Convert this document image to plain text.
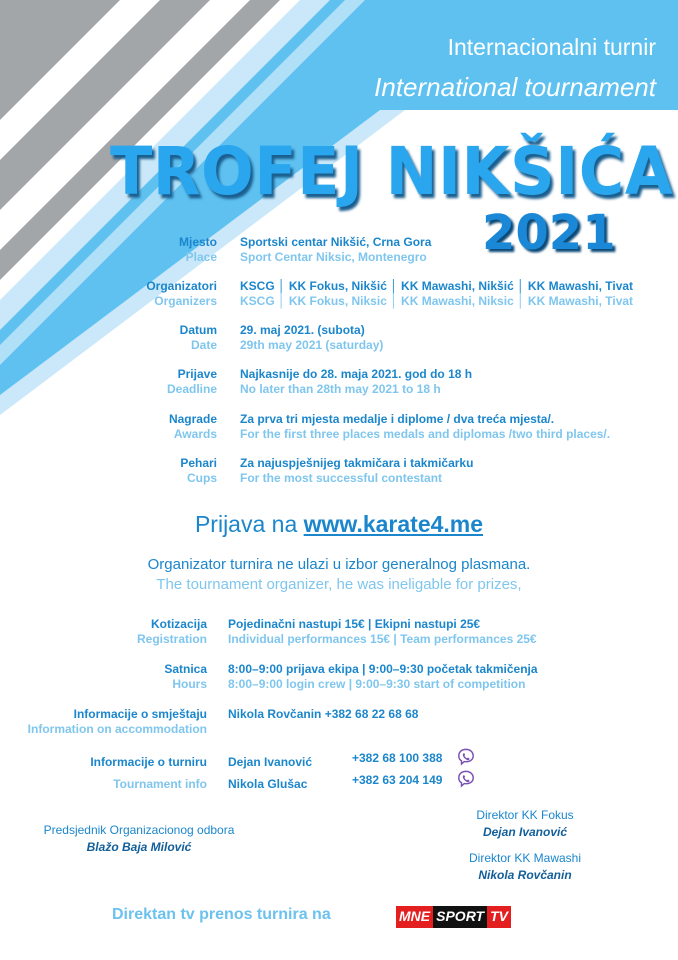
Internacionalni turnir
International tournament
TROFEJ NIKŠIĆA
2021
Mjesto
Place
Sportski centar Nikšić, Crna Gora
Sport Centar Niksic, Montenegro
Organizatori
Organizers
KSCG │ KK Fokus, Nikšić │ KK Mawashi, Nikšić │ KK Mawashi, Tivat
KSCG │ KK Fokus, Niksic │ KK Mawashi, Niksic │ KK Mawashi, Tivat
Datum
Date
29. maj 2021. (subota)
29th may 2021 (saturday)
Prijave
Deadline
Najkasnije do 28. maja 2021. god do 18 h
No later than 28th may 2021 to 18 h
Nagrade
Awards
Za prva tri mjesta medalje i diplome / dva treća mjesta/.
For the first three places medals and diplomas /two third places/.
Pehari
Cups
Za najuspješnijeg takmičara i takmičarku
For the most successful contestant
Prijava na www.karate4.me
Organizator turnira ne ulazi u izbor generalnog plasmana.
The tournament organizer, he was ineligable for prizes,
Kotizacija
Registration
Pojedinačni nastupi 15€ | Ekipni nastupi 25€
Individual performances 15€ | Team performances 25€
Satnica
Hours
8:00–9:00 prijava ekipa | 9:00–9:30 početak takmičenja
8:00–9:00 login crew | 9:00–9:30 start of competition
Informacije o smještaju
Information on accommodation
Nikola Rovčanin +382 68 22 68 68
Informacije o turniru
Tournament info
Dejan Ivanović
Nikola Glušac
+382 68 100 388
+382 63 204 149
Predsjednik Organizacionog odbora
Blažo Baja Milović
Direktor KK Fokus
Dejan Ivanović
Direktor KK Mawashi
Nikola Rovčanin
Direktan tv prenos turnira na	MNE SPORT TV
